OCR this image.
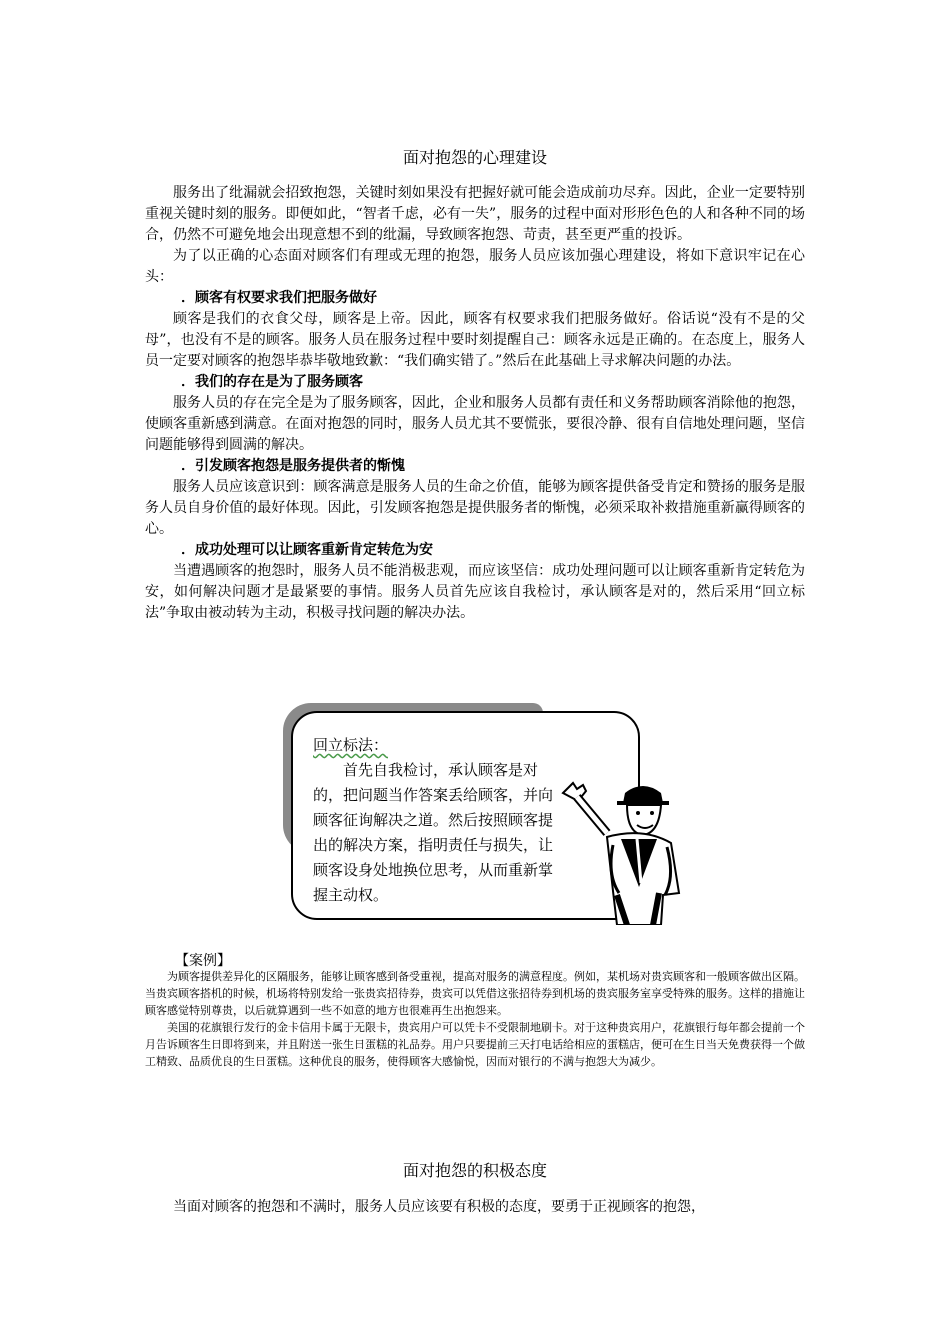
面对抱怨的心理建设

服务出了纰漏就会招致抱怨，关键时刻如果没有把握好就可能会造成前功尽弃。因此，企业一定要特别重视关键时刻的服务。即便如此，“智者千虑，必有一失”，服务的过程中面对形形色色的人和各种不同的场合，仍然不可避免地会出现意想不到的纰漏，导致顾客抱怨、苛责，甚至更严重的投诉。

为了以正确的心态面对顾客们有理或无理的抱怨，服务人员应该加强心理建设，将如下意识牢记在心头：

．顾客有权要求我们把服务做好

顾客是我们的衣食父母，顾客是上帝。因此，顾客有权要求我们把服务做好。俗话说“没有不是的父母”，也没有不是的顾客。服务人员在服务过程中要时刻提醒自己：顾客永远是正确的。在态度上，服务人员一定要对顾客的抱怨毕恭毕敬地致歉：“我们确实错了。”然后在此基础上寻求解决问题的办法。

．我们的存在是为了服务顾客

服务人员的存在完全是为了服务顾客，因此，企业和服务人员都有责任和义务帮助顾客消除他的抱怨，使顾客重新感到满意。在面对抱怨的同时，服务人员尤其不要慌张，要很冷静、很有自信地处理问题，坚信问题能够得到圆满的解决。

．引发顾客抱怨是服务提供者的惭愧

服务人员应该意识到：顾客满意是服务人员的生命之价值，能够为顾客提供备受肯定和赞扬的服务是服务人员自身价值的最好体现。因此，引发顾客抱怨是提供服务者的惭愧，必须采取补救措施重新赢得顾客的心。

．成功处理可以让顾客重新肯定转危为安

当遭遇顾客的抱怨时，服务人员不能消极悲观，而应该坚信：成功处理问题可以让顾客重新肯定转危为安，如何解决问题才是最紧要的事情。服务人员首先应该自我检讨，承认顾客是对的，然后采用“回立标法”争取由被动转为主动，积极寻找问题的解决办法。

回立标法：
首先自我检讨，承认顾客是对的，把问题当作答案丢给顾客，并向顾客征询解决之道。然后按照顾客提出的解决方案，指明责任与损失，让顾客设身处地换位思考，从而重新掌握主动权。
【案例】

为顾客提供差异化的区隔服务，能够让顾客感到备受重视，提高对服务的满意程度。例如，某机场对贵宾顾客和一般顾客做出区隔。当贵宾顾客搭机的时候，机场将特别发给一张贵宾招待券，贵宾可以凭借这张招待券到机场的贵宾服务室享受特殊的服务。这样的措施让顾客感觉特别尊贵，以后就算遇到一些不如意的地方也很难再生出抱怨来。

美国的花旗银行发行的金卡信用卡属于无限卡，贵宾用户可以凭卡不受限制地刷卡。对于这种贵宾用户，花旗银行每年都会提前一个月告诉顾客生日即将到来，并且附送一张生日蛋糕的礼品券。用户只要提前三天打电话给相应的蛋糕店，便可在生日当天免费获得一个做工精致、品质优良的生日蛋糕。这种优良的服务，使得顾客大感愉悦，因而对银行的不满与抱怨大为减少。

面对抱怨的积极态度

当面对顾客的抱怨和不满时，服务人员应该要有积极的态度，要勇于正视顾客的抱怨，
